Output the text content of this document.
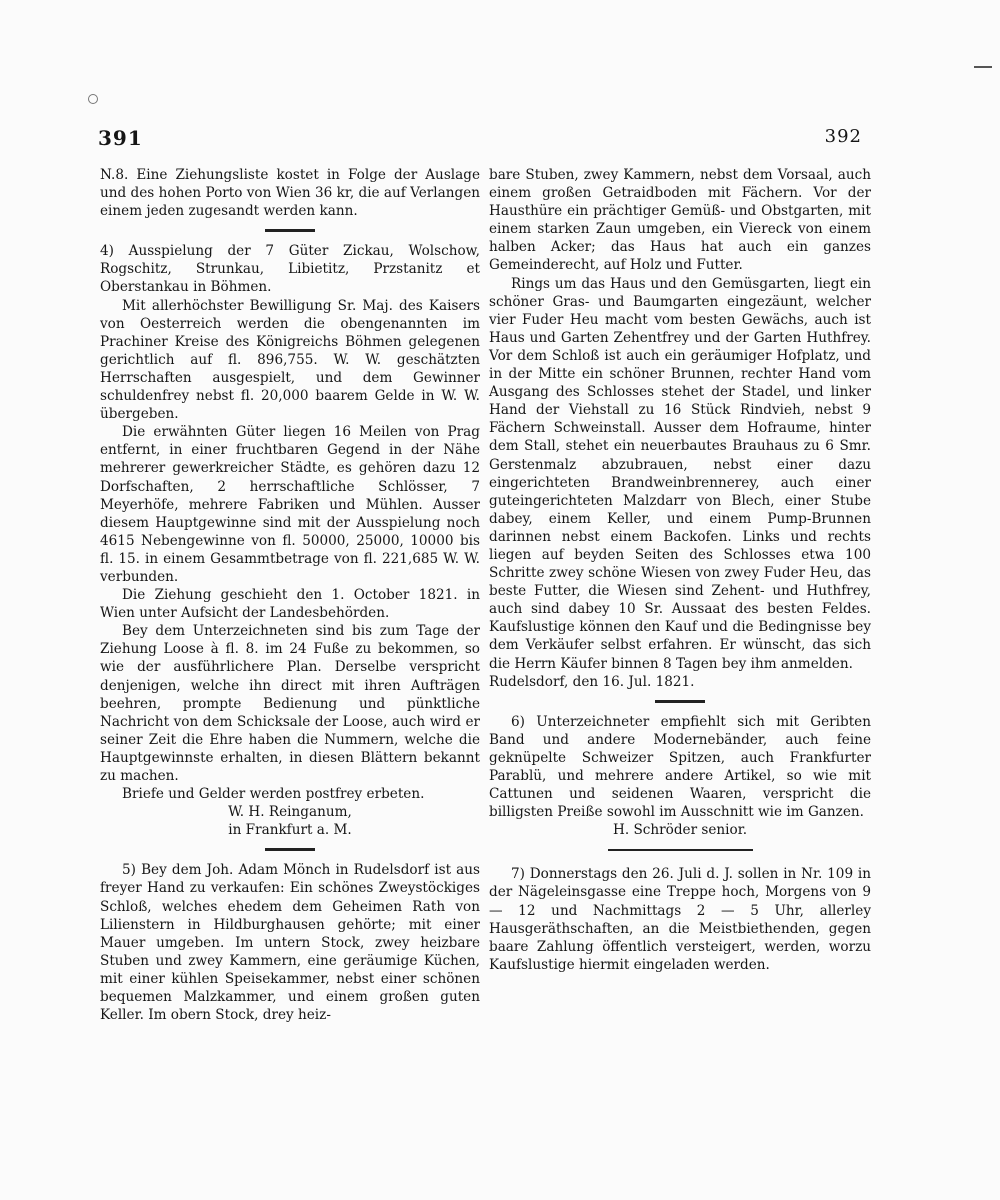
391	392

N.8. Eine Ziehungsliste kostet in Folge der Auslage und des hohen Porto von Wien 36 kr, die auf Verlangen einem jeden zugesandt werden kann.

4) Ausspielung der 7 Güter Zickau, Wolschow, Rogschitz, Strunkau, Libietitz, Przstanitz et Oberstankau in Böhmen.

Mit allerhöchster Bewilligung Sr. Maj. des Kaisers von Oesterreich werden die obengenannten im Prachiner Kreise des Königreichs Böhmen gelegenen gerichtlich auf fl. 896,755. W. W. geschätzten Herrschaften ausgespielt, und dem Gewinner schuldenfrey nebst fl. 20,000 baarem Gelde in W. W. übergeben.

Die erwähnten Güter liegen 16 Meilen von Prag entfernt, in einer fruchtbaren Gegend in der Nähe mehrerer gewerkreicher Städte, es gehören dazu 12 Dorfschaften, 2 herrschaftliche Schlösser, 7 Meyerhöfe, mehrere Fabriken und Mühlen. Ausser diesem Hauptgewinne sind mit der Ausspielung noch 4615 Nebengewinne von fl. 50000, 25000, 10000 bis fl. 15. in einem Gesammtbetrage von fl. 221,685 W. W. verbunden.

Die Ziehung geschieht den 1. October 1821. in Wien unter Aufsicht der Landesbehörden.

Bey dem Unterzeichneten sind bis zum Tage der Ziehung Loose à fl. 8. im 24 Fuße zu bekommen, so wie der ausführlichere Plan. Derselbe verspricht denjenigen, welche ihn direct mit ihren Aufträgen beehren, prompte Bedienung und pünktliche Nachricht von dem Schicksale der Loose, auch wird er seiner Zeit die Ehre haben die Nummern, welche die Hauptgewinnste erhalten, in diesen Blättern bekannt zu machen.

Briefe und Gelder werden postfrey erbeten.

W. H. Reinganum,

in Frankfurt a. M.

5) Bey dem Joh. Adam Mönch in Rudelsdorf ist aus freyer Hand zu verkaufen: Ein schönes Zweystöckiges Schloß, welches ehedem dem Geheimen Rath von Lilienstern in Hildburghausen gehörte; mit einer Mauer umgeben. Im untern Stock, zwey heizbare Stuben und zwey Kammern, eine geräumige Küchen, mit einer kühlen Speisekammer, nebst einer schönen bequemen Malzkammer, und einem großen guten Keller. Im obern Stock, drey heiz-

bare Stuben, zwey Kammern, nebst dem Vorsaal, auch einem großen Getraidboden mit Fächern. Vor der Hausthüre ein prächtiger Gemüß- und Obstgarten, mit einem starken Zaun umgeben, ein Viereck von einem halben Acker; das Haus hat auch ein ganzes Gemeinderecht, auf Holz und Futter.

Rings um das Haus und den Gemüsgarten, liegt ein schöner Gras- und Baumgarten eingezäunt, welcher vier Fuder Heu macht vom besten Gewächs, auch ist Haus und Garten Zehentfrey und der Garten Huthfrey. Vor dem Schloß ist auch ein geräumiger Hofplatz, und in der Mitte ein schöner Brunnen, rechter Hand vom Ausgang des Schlosses stehet der Stadel, und linker Hand der Viehstall zu 16 Stück Rindvieh, nebst 9 Fächern Schweinstall. Ausser dem Hofraume, hinter dem Stall, stehet ein neuerbautes Brauhaus zu 6 Smr. Gerstenmalz abzubrauen, nebst einer dazu eingerichteten Brandweinbrennerey, auch einer guteingerichteten Malzdarr von Blech, einer Stube dabey, einem Keller, und einem Pump-Brunnen darinnen nebst einem Backofen. Links und rechts liegen auf beyden Seiten des Schlosses etwa 100 Schritte zwey schöne Wiesen von zwey Fuder Heu, das beste Futter, die Wiesen sind Zehent- und Huthfrey, auch sind dabey 10 Sr. Aussaat des besten Feldes. Kaufslustige können den Kauf und die Bedingnisse bey dem Verkäufer selbst erfahren. Er wünscht, das sich die Herrn Käufer binnen 8 Tagen bey ihm anmelden.

Rudelsdorf, den 16. Jul. 1821.

6) Unterzeichneter empfiehlt sich mit Geribten Band und andere Modernebänder, auch feine geknüpelte Schweizer Spitzen, auch Frankfurter Parablü, und mehrere andere Artikel, so wie mit Cattunen und seidenen Waaren, verspricht die billigsten Preiße sowohl im Ausschnitt wie im Ganzen.

H. Schröder senior.

7) Donnerstags den 26. Juli d. J. sollen in Nr. 109 in der Nägeleinsgasse eine Treppe hoch, Morgens von 9 — 12 und Nachmittags 2 — 5 Uhr, allerley Hausgeräthschaften, an die Meistbiethenden, gegen baare Zahlung öffentlich versteigert, werden, worzu Kaufslustige hiermit eingeladen werden.
